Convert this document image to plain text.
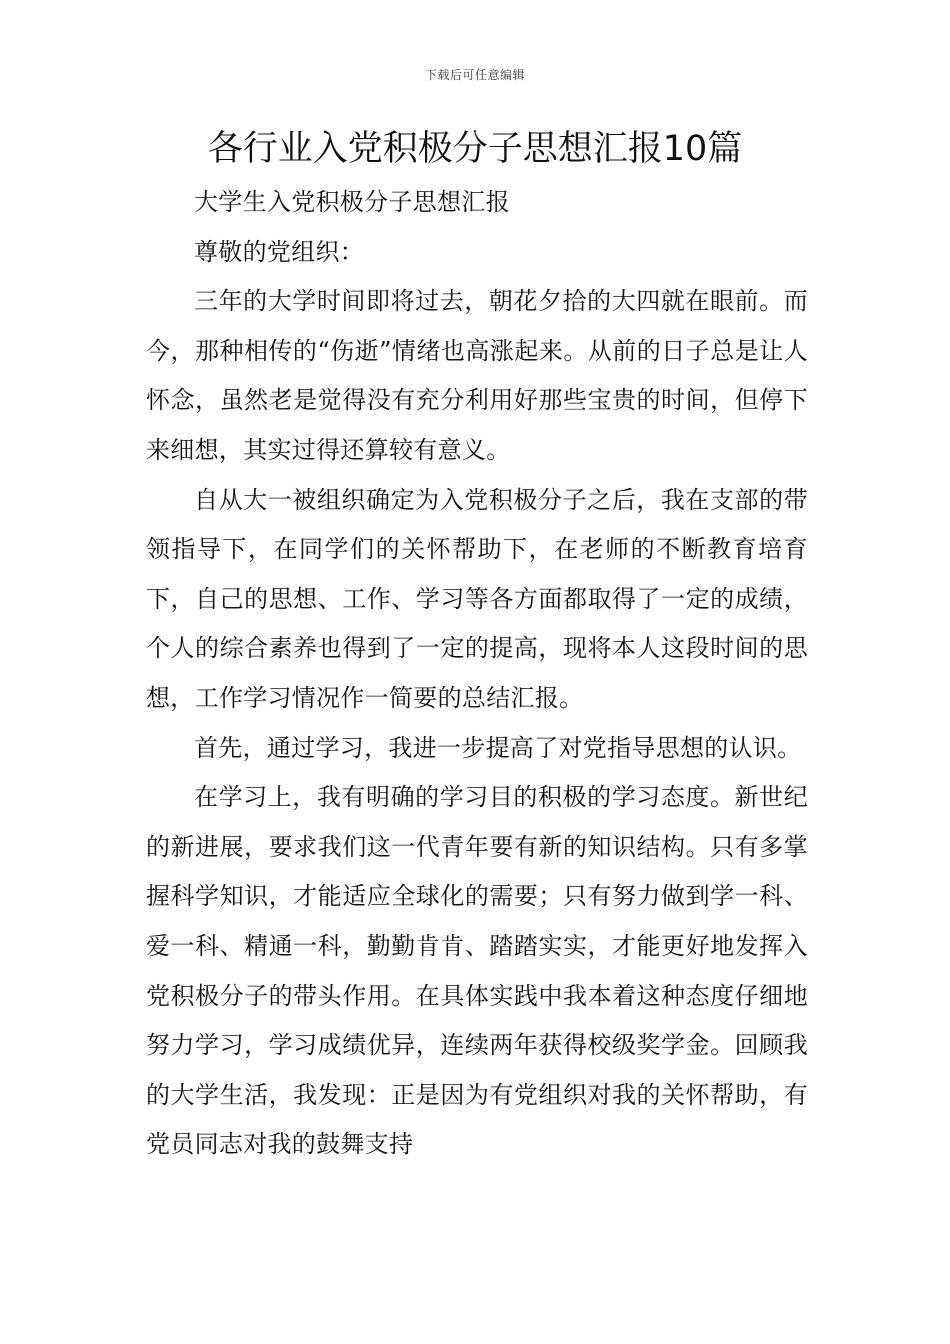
下载后可任意编辑
各行业入党积极分子思想汇报10篇

大学生入党积极分子思想汇报

尊敬的党组织：

三年的大学时间即将过去，朝花夕拾的大四就在眼前。而今，那种相传的“伤逝”情绪也高涨起来。从前的日子总是让人怀念，虽然老是觉得没有充分利用好那些宝贵的时间，但停下来细想，其实过得还算较有意义。

自从大一被组织确定为入党积极分子之后，我在支部的带领指导下，在同学们的关怀帮助下，在老师的不断教育培育下，自己的思想、工作、学习等各方面都取得了一定的成绩，个人的综合素养也得到了一定的提高，现将本人这段时间的思想，工作学习情况作一简要的总结汇报。

首先，通过学习，我进一步提高了对党指导思想的认识。

在学习上，我有明确的学习目的积极的学习态度。新世纪的新进展，要求我们这一代青年要有新的知识结构。只有多掌握科学知识，才能适应全球化的需要；只有努力做到学一科、爱一科、精通一科，勤勤肯肯、踏踏实实，才能更好地发挥入党积极分子的带头作用。在具体实践中我本着这种态度仔细地努力学习，学习成绩优异，连续两年获得校级奖学金。回顾我的大学生活，我发现：正是因为有党组织对我的关怀帮助，有党员同志对我的鼓舞支持
